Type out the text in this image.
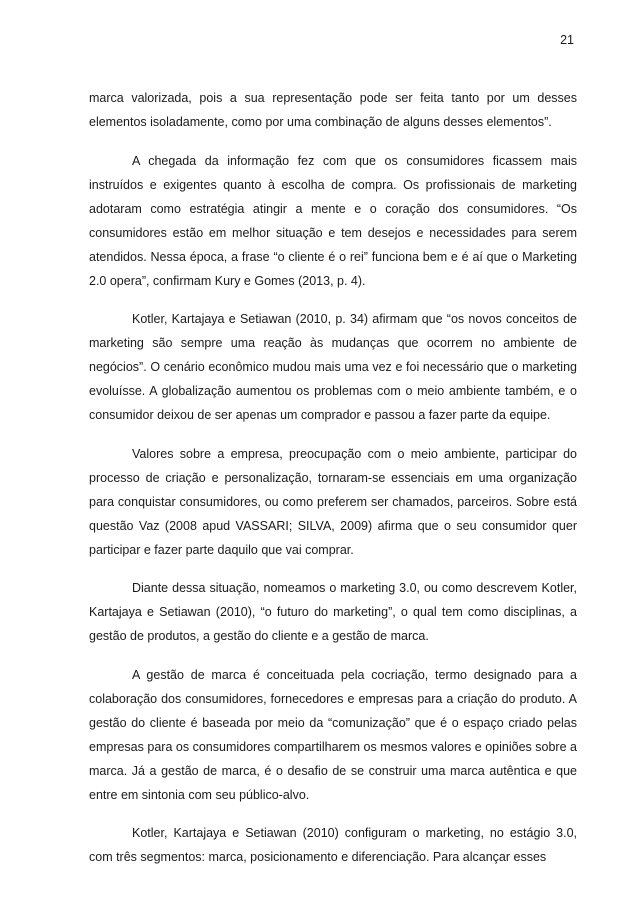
21

marca valorizada, pois a sua representação pode ser feita tanto por um desses elementos isoladamente, como por uma combinação de alguns desses elementos”.

A chegada da informação fez com que os consumidores ficassem mais instruídos e exigentes quanto à escolha de compra. Os profissionais de marketing adotaram como estratégia atingir a mente e o coração dos consumidores. “Os consumidores estão em melhor situação e tem desejos e necessidades para serem atendidos. Nessa época, a frase “o cliente é o rei” funciona bem e é aí que o Marketing 2.0 opera”, confirmam Kury e Gomes (2013, p. 4).

Kotler, Kartajaya e Setiawan (2010, p. 34) afirmam que “os novos conceitos de marketing são sempre uma reação às mudanças que ocorrem no ambiente de negócios”. O cenário econômico mudou mais uma vez e foi necessário que o marketing evoluísse. A globalização aumentou os problemas com o meio ambiente também, e o consumidor deixou de ser apenas um comprador e passou a fazer parte da equipe.

Valores sobre a empresa, preocupação com o meio ambiente, participar do processo de criação e personalização, tornaram-se essenciais em uma organização para conquistar consumidores, ou como preferem ser chamados, parceiros. Sobre está questão Vaz (2008 apud VASSARI; SILVA, 2009) afirma que o seu consumidor quer participar e fazer parte daquilo que vai comprar.

Diante dessa situação, nomeamos o marketing 3.0, ou como descrevem Kotler, Kartajaya e Setiawan (2010), “o futuro do marketing”, o qual tem como disciplinas, a gestão de produtos, a gestão do cliente e a gestão de marca.

A gestão de marca é conceituada pela cocriação, termo designado para a colaboração dos consumidores, fornecedores e empresas para a criação do produto. A gestão do cliente é baseada por meio da “comunização” que é o espaço criado pelas empresas para os consumidores compartilharem os mesmos valores e opiniões sobre a marca. Já a gestão de marca, é o desafio de se construir uma marca autêntica e que entre em sintonia com seu público-alvo.

Kotler, Kartajaya e Setiawan (2010) configuram o marketing, no estágio 3.0, com três segmentos: marca, posicionamento e diferenciação. Para alcançar esses
